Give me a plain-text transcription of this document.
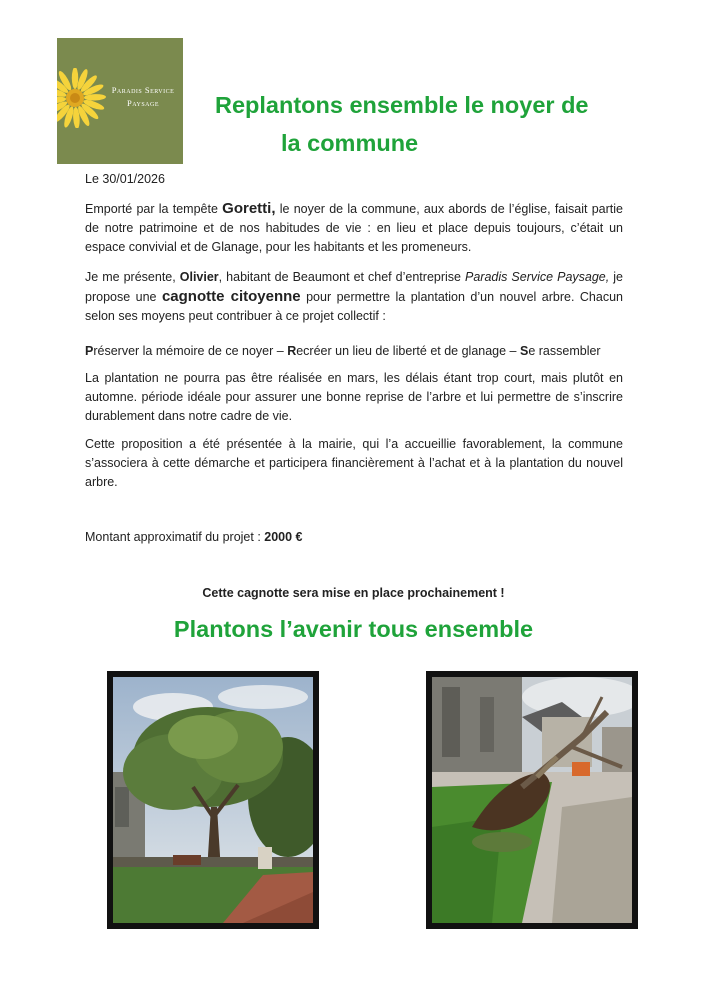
Paradis Service
Paysage	Replantons ensemble le noyer de
la commune
Le 30/01/2026

Emporté par la tempête Goretti, le noyer de la commune, aux abords de l’église, faisait partie de notre patrimoine et de nos habitudes de vie : en lieu et place depuis toujours, c’était un espace convivial et de Glanage, pour les habitants et les promeneurs.

Je me présente, Olivier, habitant de Beaumont et chef d’entreprise Paradis Service Paysage, je propose une cagnotte citoyenne pour permettre la plantation d’un nouvel arbre. Chacun selon ses moyens peut contribuer à ce projet collectif :

Préserver la mémoire de ce noyer – Recréer un lieu de liberté et de glanage – Se rassembler

La plantation ne pourra pas être réalisée en mars, les délais étant trop court, mais plutôt en automne. période idéale pour assurer une bonne reprise de l’arbre et lui permettre de s’inscrire durablement dans notre cadre de vie.

Cette proposition a été présentée à la mairie, qui l’a accueillie favorablement, la commune s’associera à cette démarche et participera financièrement à l’achat et à la plantation du nouvel arbre.

Montant approximatif du projet : 2000 €
Cette cagnotte sera mise en place prochainement !
Plantons l’avenir tous ensemble
